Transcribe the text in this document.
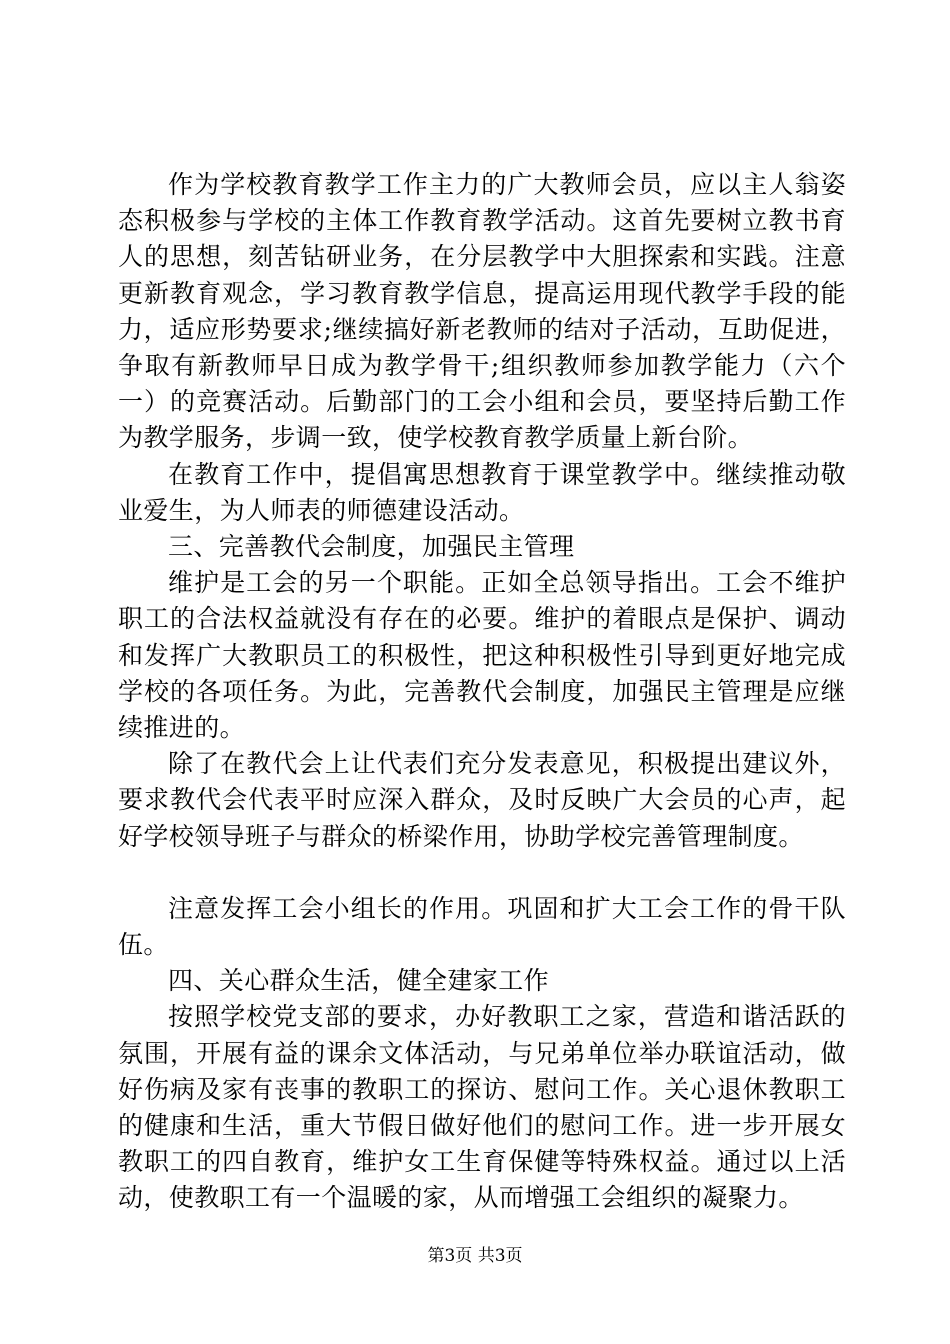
作为学校教育教学工作主力的广大教师会员，应以主人翁姿态积极参与学校的主体工作教育教学活动。这首先要树立教书育人的思想，刻苦钻研业务，在分层教学中大胆探索和实践。注意更新教育观念，学习教育教学信息，提高运用现代教学手段的能力，适应形势要求;继续搞好新老教师的结对子活动，互助促进，争取有新教师早日成为教学骨干;组织教师参加教学能力（六个一）的竞赛活动。后勤部门的工会小组和会员，要坚持后勤工作为教学服务，步调一致，使学校教育教学质量上新台阶。

在教育工作中，提倡寓思想教育于课堂教学中。继续推动敬业爱生，为人师表的师德建设活动。

三、完善教代会制度，加强民主管理

维护是工会的另一个职能。正如全总领导指出。工会不维护职工的合法权益就没有存在的必要。维护的着眼点是保护、调动和发挥广大教职员工的积极性，把这种积极性引导到更好地完成学校的各项任务。为此，完善教代会制度，加强民主管理是应继续推进的。

除了在教代会上让代表们充分发表意见，积极提出建议外，要求教代会代表平时应深入群众，及时反映广大会员的心声，起好学校领导班子与群众的桥梁作用，协助学校完善管理制度。

注意发挥工会小组长的作用。巩固和扩大工会工作的骨干队伍。

四、关心群众生活，健全建家工作

按照学校党支部的要求，办好教职工之家，营造和谐活跃的氛围，开展有益的课余文体活动，与兄弟单位举办联谊活动，做好伤病及家有丧事的教职工的探访、慰问工作。关心退休教职工的健康和生活，重大节假日做好他们的慰问工作。进一步开展女教职工的四自教育，维护女工生育保健等特殊权益。通过以上活动，使教职工有一个温暖的家，从而增强工会组织的凝聚力。

第3页 共3页
